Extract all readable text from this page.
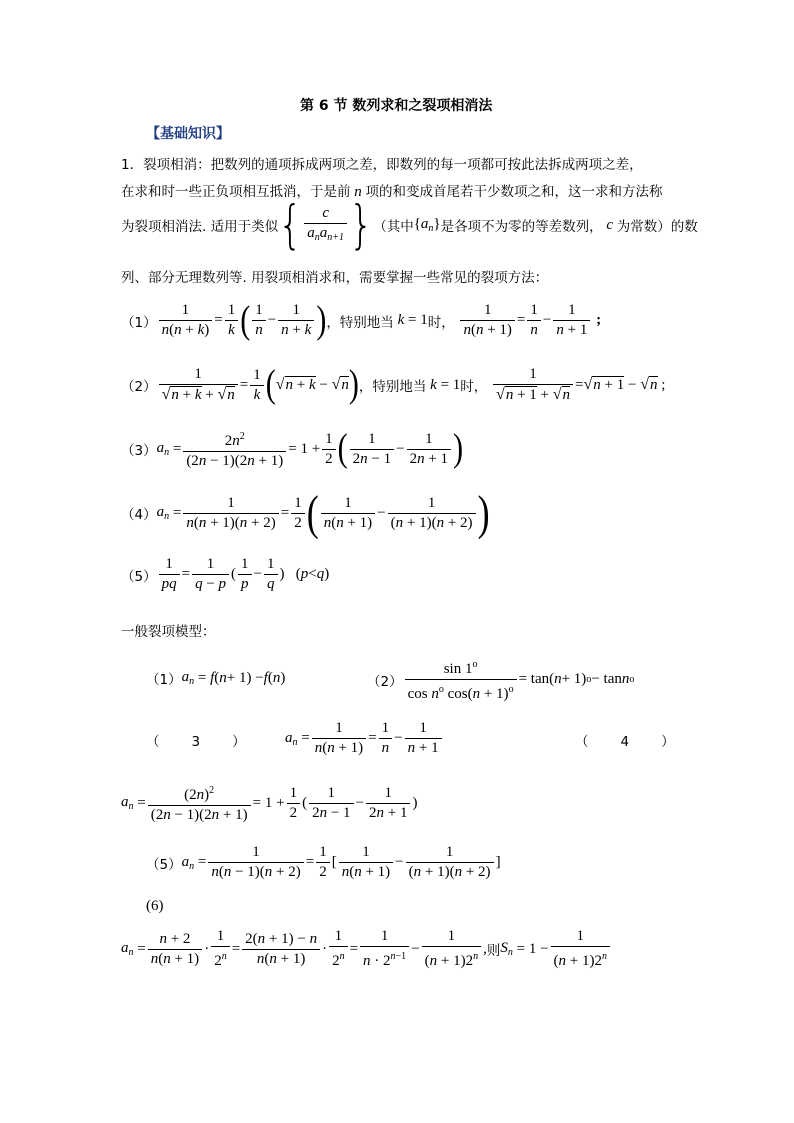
第 6 节 数列求和之裂项相消法
【基础知识】
1．裂项相消：把数列的通项拆成两项之差，即数列的每一项都可按此法拆成两项之差，
在求和时一些正负项相互抵消，于是前 n 项的和变成首尾若干少数项之和，这一求和方法称
为裂项相消法. 适用于类似 { $\frac{c}{a_na_{n+1}}$ } （其中 $\{a_n\}$ 是各项不为零的等差数列， c 为常数）的数
列、部分无理数列等. 用裂项相消求和，需要掌握一些常见的裂项方法：
$(1) \frac{1}{n(n + k)} = \frac{1}{k}$ ( $\frac{1}{n} - \frac{1}{n + k}$ ) ，特别地当 k = 1 时，
$\frac{1}{n(n + 1)} = \frac{1}{n} - \frac{1}{n + 1}$
;
$(2) \frac{1}{√n + k + √n} = \frac{1}{k}$ ( √ n + k − √ n ) ，特别地当 k = 1 时，
$\frac{1}{√n + 1 + √n}$ = √ n + 1 − √ n ;
（3） $a_n = \frac{2n^2}{(2n - 1)(2n + 1)} = 1 + \frac{1}{2}$ ( $\frac{1}{2n - 1} - \frac{1}{2n + 1}$ )
（4） $a_n = \frac{1}{n(n + 1)(n + 2)} = \frac{1}{2}$ ( $\frac{1}{n(n + 1)} - \frac{1}{(n + 1)(n + 2)}$ )
$(5) \frac{1}{pq} = \frac{1}{q - p}$ ( $\frac{1}{p} - \frac{1}{q}$ )   ( p < q )
一般裂项模型：
（1） $a_n = f$ ( n + 1) − f ( n )	$(2) \frac{\sin 1^o}{\cos n^o \cos(n + 1)^o} = \tan$( n + 1) o − tan n o
（ 3 ）	$a_n = \frac{1}{n(n + 1)} = \frac{1}{n} - \frac{1}{n + 1}$	（ 4 ）
$a_n = \frac{(2n)^2}{(2n - 1)(2n + 1)} = 1 + \frac{1}{2}$ ( $\frac{1}{2n - 1} - \frac{1}{2n + 1}$ )
（5） $a_n = \frac{1}{n(n - 1)(n + 2)} = \frac{1}{2}$ [ $\frac{1}{n(n + 1)} - \frac{1}{(n + 1)(n + 2)}$ ]
(6)
$a_n = \frac{n + 2}{n(n + 1)} \cdot \frac{1}{2^n} = \frac{2(n + 1) - n}{n(n + 1)} \cdot \frac{1}{2^n} = \frac{1}{n \cdot 2^{n-1}} - \frac{1}{(n + 1)2^n}$ , 则 $S_n = 1 - \frac{1}{(n + 1)2^n}$
